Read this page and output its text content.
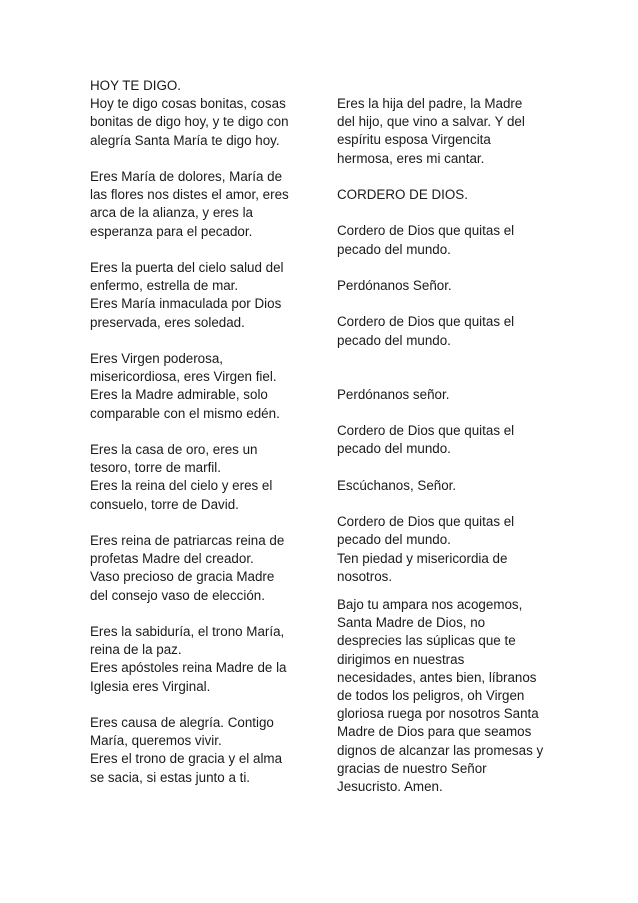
HOY TE DIGO.
Hoy te digo cosas bonitas, cosas
bonitas de digo hoy, y te digo con
alegría Santa María te digo hoy.
Eres María de dolores, María de
las flores nos distes el amor, eres
arca de la alianza, y eres la
esperanza para el pecador.
Eres la puerta del cielo salud del
enfermo, estrella de mar.
Eres María inmaculada por Dios
preservada, eres soledad.
Eres Virgen poderosa,
misericordiosa, eres Virgen fiel.
Eres la Madre admirable, solo
comparable con el mismo edén.
Eres la casa de oro, eres un
tesoro, torre de marfil.
Eres la reina del cielo y eres el
consuelo, torre de David.
Eres reina de patriarcas reina de
profetas Madre del creador.
Vaso precioso de gracia Madre
del consejo vaso de elección.
Eres la sabiduría, el trono María,
reina de la paz.
Eres apóstoles reina Madre de la
Iglesia eres Virginal.
Eres causa de alegría. Contigo
María, queremos vivir.
Eres el trono de gracia y el alma
se sacia, si estas junto a ti.
Eres la hija del padre, la Madre
del hijo, que vino a salvar. Y del
espíritu esposa Virgencita
hermosa, eres mi cantar.
CORDERO DE DIOS.
Cordero de Dios que quitas el
pecado del mundo.
Perdónanos Señor.
Cordero de Dios que quitas el
pecado del mundo.
Perdónanos señor.
Cordero de Dios que quitas el
pecado del mundo.
Escúchanos, Señor.
Cordero de Dios que quitas el
pecado del mundo.
Ten piedad y misericordia de
nosotros.
Bajo tu ampara nos acogemos,
Santa Madre de Dios, no
desprecies las súplicas que te
dirigimos en nuestras
necesidades, antes bien, líbranos
de todos los peligros, oh Virgen
gloriosa ruega por nosotros Santa
Madre de Dios para que seamos
dignos de alcanzar las promesas y
gracias de nuestro Señor
Jesucristo. Amen.
